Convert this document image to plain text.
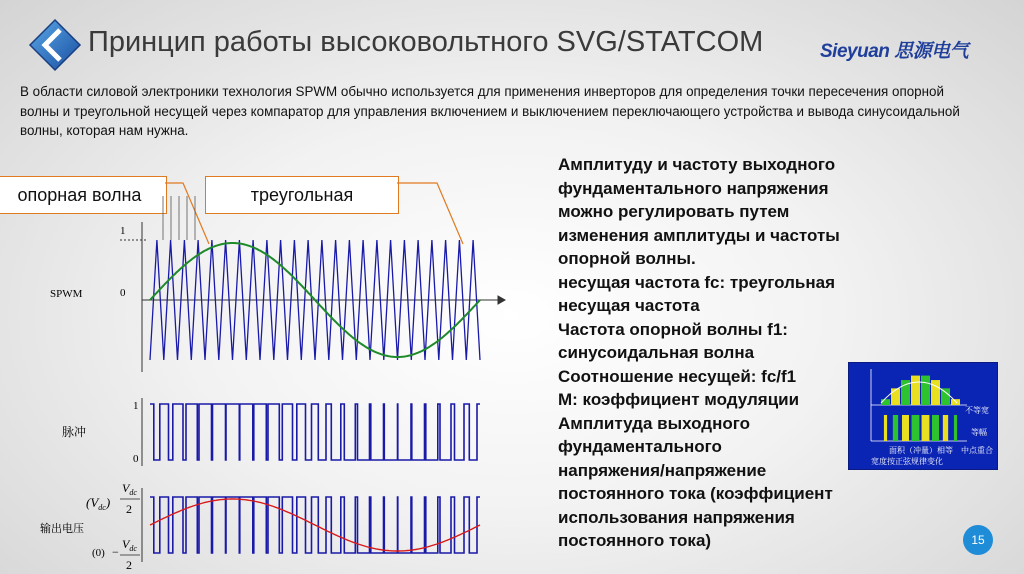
Принцип работы высоковольтного SVG/STATCOM	Sieyuan 思源电气
В области силовой электроники технология SPWM обычно используется для применения инверторов для определения точки пересечения опорной волны и треугольной несущей через компаратор для управления включением и выключением переключающего устройства и вывода синусоидальной волны, которая нам нужна.
опорная волна	треугольная
1
0
SPWM
1
0
脉冲
$(V_{dc})$
$V_{dc}$
2
输出电压
(0) −
$V_{dc}$
2
Амплитуду и частоту выходного
фундаментального напряжения
можно регулировать путем
изменения амплитуды и частоты
опорной волны.
несущая частота fc: треугольная
несущая частота
Частота опорной волны f1:
синусоидальная волна
Соотношение несущей: fc/f1
M: коэффициент модуляции
Амплитуда выходного
фундаментального
напряжения/напряжение
постоянного тока (коэффициент
использования напряжения
постоянного тока)
不等宽
等幅
面积（冲量）相等 中点重合
宽度按正弦规律变化
15
